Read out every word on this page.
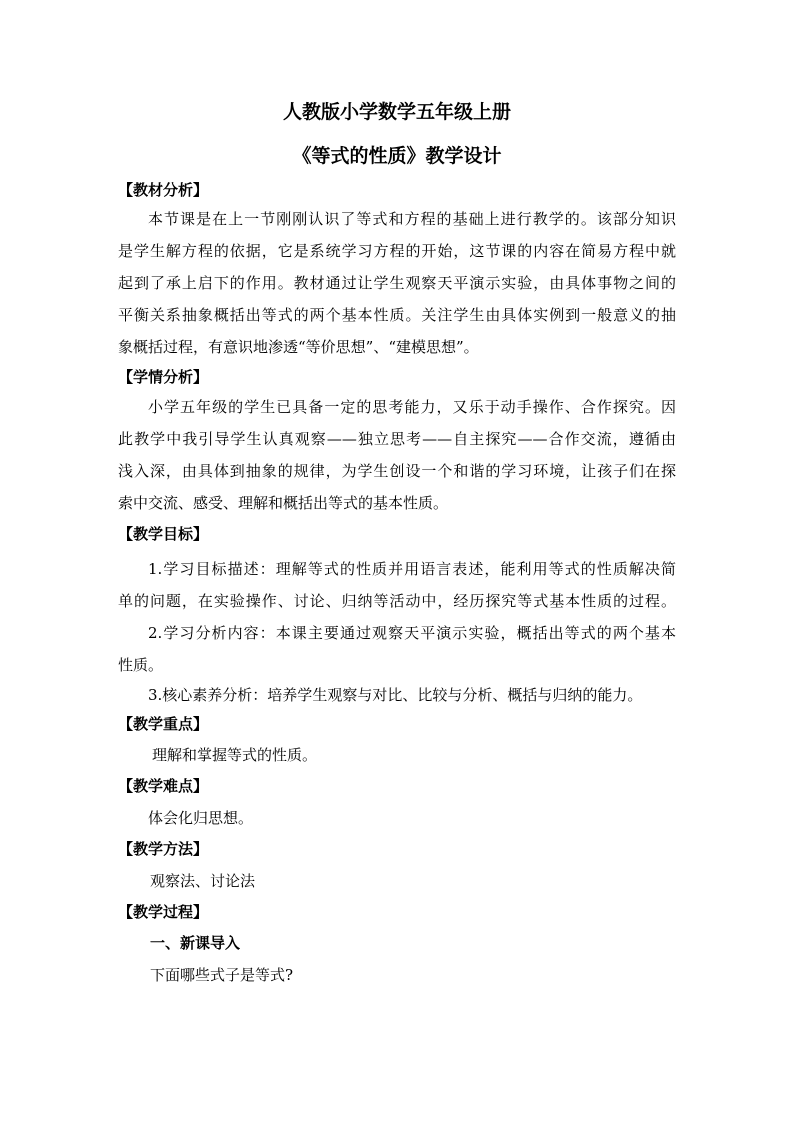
人教版小学数学五年级上册
《等式的性质》教学设计
【教材分析】
本节课是在上一节刚刚认识了等式和方程的基础上进行教学的。该部分知识
是学生解方程的依据，它是系统学习方程的开始，这节课的内容在简易方程中就
起到了承上启下的作用。教材通过让学生观察天平演示实验，由具体事物之间的
平衡关系抽象概括出等式的两个基本性质。关注学生由具体实例到一般意义的抽
象概括过程，有意识地渗透“等价思想”、“建模思想”。
【学情分析】
小学五年级的学生已具备一定的思考能力，又乐于动手操作、合作探究。因
此教学中我引导学生认真观察——独立思考——自主探究——合作交流，遵循由
浅入深，由具体到抽象的规律，为学生创设一个和谐的学习环境，让孩子们在探
索中交流、感受、理解和概括出等式的基本性质。
【教学目标】
1.学习目标描述：理解等式的性质并用语言表述，能利用等式的性质解决简
单的问题，在实验操作、讨论、归纳等活动中，经历探究等式基本性质的过程。
2.学习分析内容：本课主要通过观察天平演示实验，概括出等式的两个基本
性质。
3.核心素养分析：培养学生观察与对比、比较与分析、概括与归纳的能力。
【教学重点】
理解和掌握等式的性质。
【教学难点】
体会化归思想。
【教学方法】
观察法、讨论法
【教学过程】
一、新课导入
下面哪些式子是等式?
